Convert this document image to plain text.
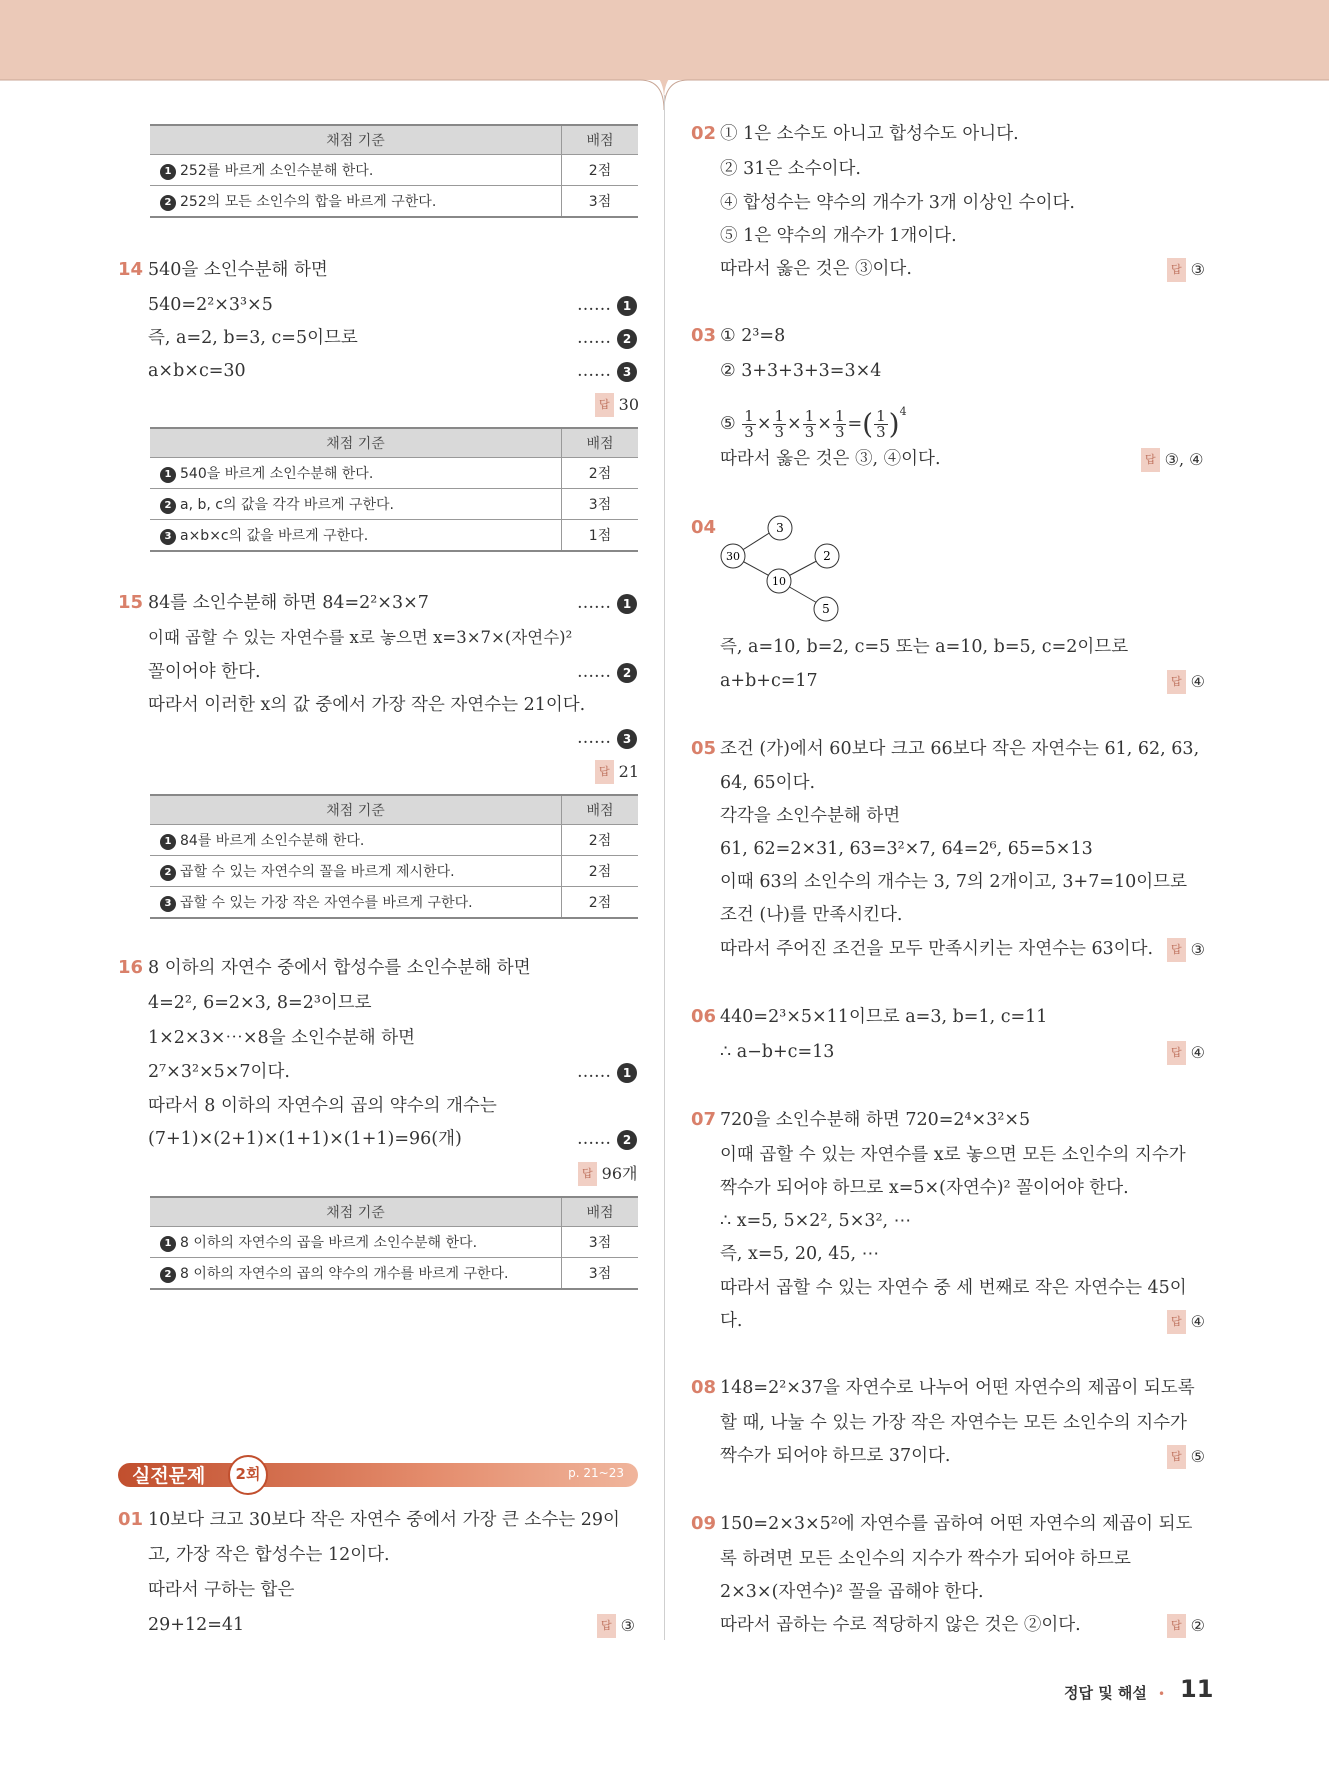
채점 기준	배점
1 252를 바르게 소인수분해 한다.	2점
2 252의 모든 소인수의 합을 바르게 구한다.	3점
14 540을 소인수분해 하면
540=2²×3³×5	…… 1
즉, a=2, b=3, c=5이므로	…… 2
a×b×c=30	…… 3
답 30
채점 기준	배점
1 540을 바르게 소인수분해 한다.	2점
2 a, b, c의 값을 각각 바르게 구한다.	3점
3 a×b×c의 값을 바르게 구한다.	1점
15 84를 소인수분해 하면 84=2²×3×7	…… 1
이때 곱할 수 있는 자연수를 x로 놓으면 x=3×7×(자연수)²
꼴이어야 한다.	…… 2
따라서 이러한 x의 값 중에서 가장 작은 자연수는 21이다.
…… 3
답 21
채점 기준	배점
1 84를 바르게 소인수분해 한다.	2점
2 곱할 수 있는 자연수의 꼴을 바르게 제시한다.	2점
3 곱할 수 있는 가장 작은 자연수를 바르게 구한다.	2점
16 8 이하의 자연수 중에서 합성수를 소인수분해 하면
4=2², 6=2×3, 8=2³이므로
1×2×3×⋯×8을 소인수분해 하면
2⁷×3²×5×7이다.	…… 1
따라서 8 이하의 자연수의 곱의 약수의 개수는
(7+1)×(2+1)×(1+1)×(1+1)=96(개)	…… 2
답 96개
채점 기준	배점
1 8 이하의 자연수의 곱을 바르게 소인수분해 한다.	3점
2 8 이하의 자연수의 곱의 약수의 개수를 바르게 구한다.	3점
실전문제	2회	p. 21~23
01 10보다 크고 30보다 작은 자연수 중에서 가장 큰 소수는 29이
고, 가장 작은 합성수는 12이다.
따라서 구하는 합은
29+12=41	답 ③
02 ① 1은 소수도 아니고 합성수도 아니다.
② 31은 소수이다.
④ 합성수는 약수의 개수가 3개 이상인 수이다.
⑤ 1은 약수의 개수가 1개이다.
따라서 옳은 것은 ③이다.	답 ③
03 ① 2³=8
② 3+3+3+3=3×4
⑤ $\frac{1}{3} \times \frac{1}{3} \times \frac{1}{3} \times \frac{1}{3}$ =( $\frac{1}{3} )^4$
따라서 옳은 것은 ③, ④이다.	답 ③, ④
04	3
30	2
10
5
즉, a=10, b=2, c=5 또는 a=10, b=5, c=2이므로
a+b+c=17	답 ④
05 조건 (가)에서 60보다 크고 66보다 작은 자연수는 61, 62, 63,
64, 65이다.
각각을 소인수분해 하면
61, 62=2×31, 63=3²×7, 64=2⁶, 65=5×13
이때 63의 소인수의 개수는 3, 7의 2개이고, 3+7=10이므로
조건 (나)를 만족시킨다.
따라서 주어진 조건을 모두 만족시키는 자연수는 63이다.	답 ③
06 440=2³×5×11이므로 a=3, b=1, c=11
∴ a−b+c=13	답 ④
07 720을 소인수분해 하면 720=2⁴×3²×5
이때 곱할 수 있는 자연수를 x로 놓으면 모든 소인수의 지수가
짝수가 되어야 하므로 x=5×(자연수)² 꼴이어야 한다.
∴ x=5, 5×2², 5×3², ⋯
즉, x=5, 20, 45, ⋯
따라서 곱할 수 있는 자연수 중 세 번째로 작은 자연수는 45이
다.	답 ④
08 148=2²×37을 자연수로 나누어 어떤 자연수의 제곱이 되도록
할 때, 나눌 수 있는 가장 작은 자연수는 모든 소인수의 지수가
짝수가 되어야 하므로 37이다.	답 ⑤
09 150=2×3×5²에 자연수를 곱하여 어떤 자연수의 제곱이 되도
록 하려면 모든 소인수의 지수가 짝수가 되어야 하므로
2×3×(자연수)² 꼴을 곱해야 한다.
따라서 곱하는 수로 적당하지 않은 것은 ②이다.	답 ②
정답 및 해설 • 11
